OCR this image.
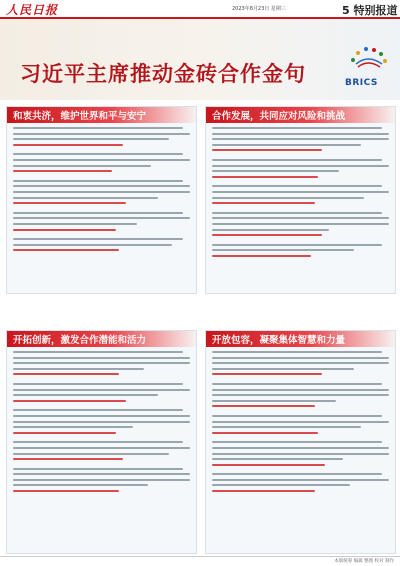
人民日报	2023年8月23日 星期三	5 特别报道
习近平主席推动金砖合作金句	BRICS
和衷共济，维护世界和平与安宁	合作发展，共同应对风险和挑战
开拓创新，激发合作潜能和活力	开放包容，凝聚集体智慧和力量
本版统筹 编辑 整理 校对 制作
